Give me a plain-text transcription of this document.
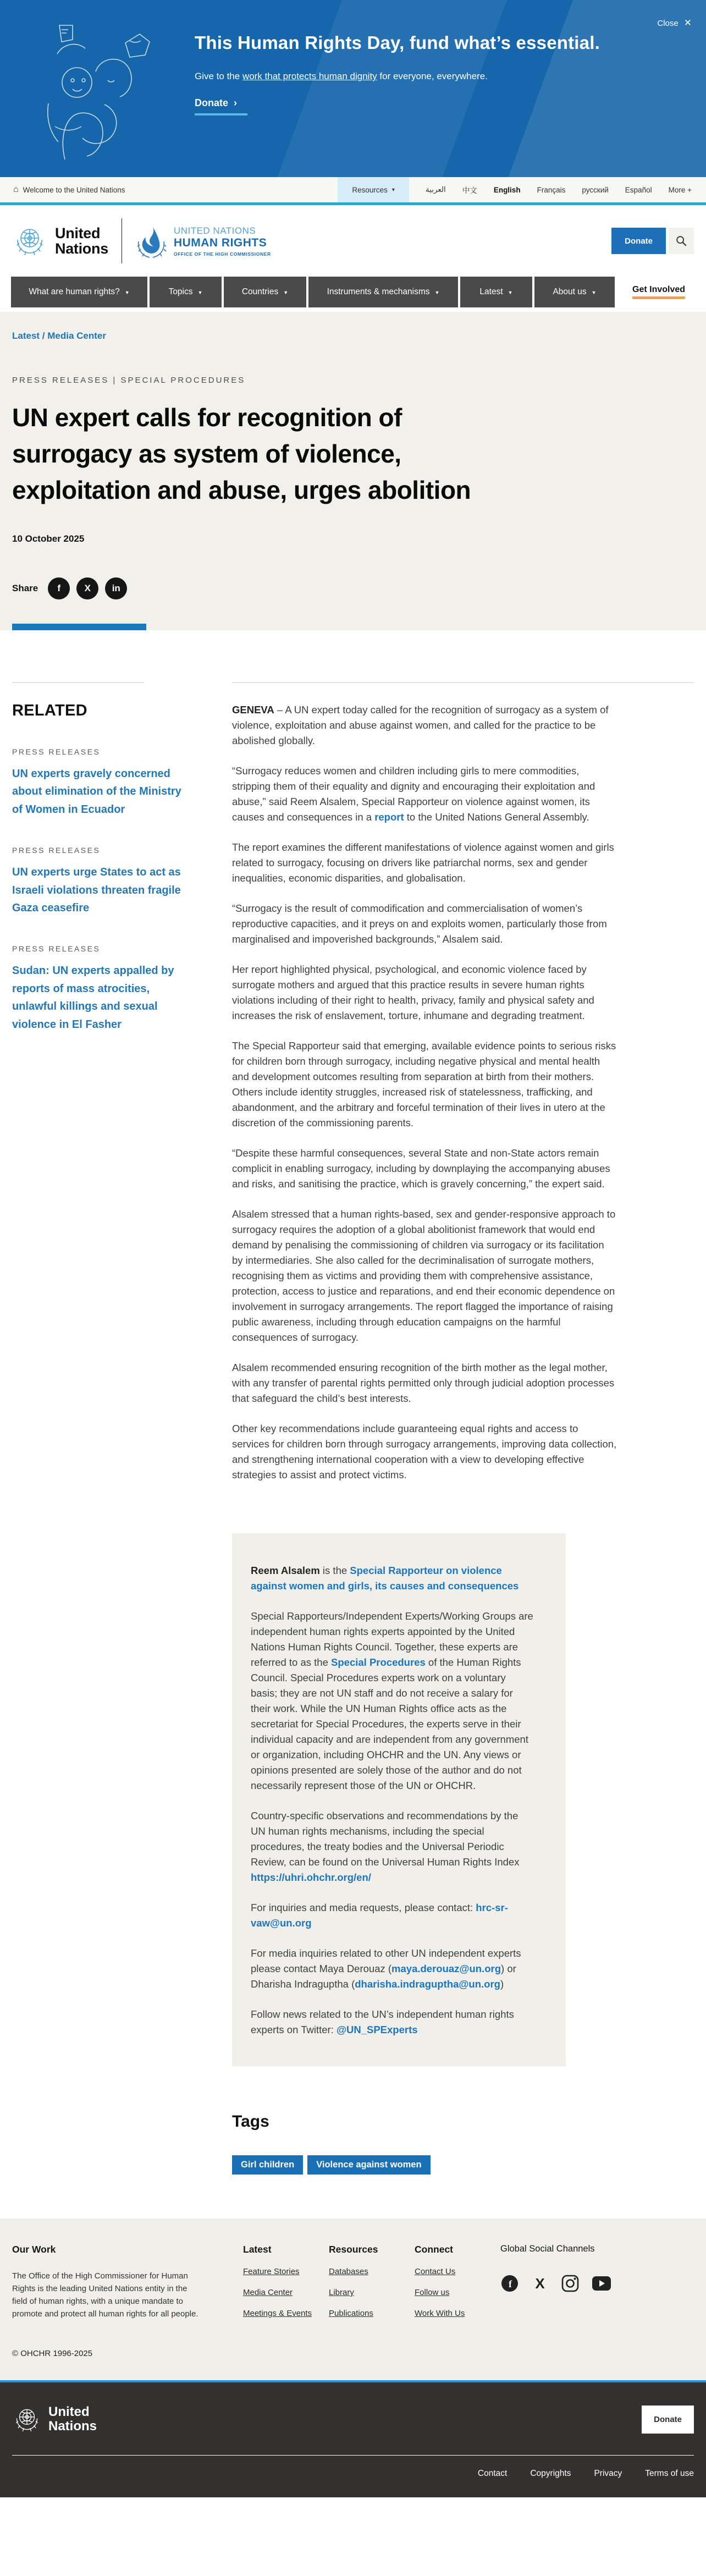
Close ✕
This Human Rights Day, fund what’s essential.
Give to the work that protects human dignity for everyone, everywhere.
Donate ›
⌂ Welcome to the United Nations	Resources ▾	العربية 中文 English Français русский Español More +
United
Nations
UNITED NATIONS
HUMAN RIGHTS
OFFICE OF THE HIGH COMMISSIONER
Donate
What are human rights? ▼	Topics ▼	Countries ▼	Instruments & mechanisms ▼	Latest ▼	About us ▼	Get Involved
Latest / Media Center
PRESS RELEASES | SPECIAL PROCEDURES
UN expert calls for recognition of surrogacy as system of violence, exploitation and abuse, urges abolition
10 October 2025
Share f	X in
RELATED
PRESS RELEASES
UN experts gravely concerned about elimination of the Ministry of Women in Ecuador
PRESS RELEASES
UN experts urge States to act as Israeli violations threaten fragile Gaza ceasefire
PRESS RELEASES
Sudan: UN experts appalled by reports of mass atrocities, unlawful killings and sexual violence in El Fasher

GENEVA – A UN expert today called for the recognition of surrogacy as a system of violence, exploitation and abuse against women, and called for the practice to be abolished globally.

“Surrogacy reduces women and children including girls to mere commodities, stripping them of their equality and dignity and encouraging their exploitation and abuse,” said Reem Alsalem, Special Rapporteur on violence against women, its causes and consequences in a report to the United Nations General Assembly.

The report examines the different manifestations of violence against women and girls related to surrogacy, focusing on drivers like patriarchal norms, sex and gender inequalities, economic disparities, and globalisation.

“Surrogacy is the result of commodification and commercialisation of women’s reproductive capacities, and it preys on and exploits women, particularly those from marginalised and impoverished backgrounds,” Alsalem said.

Her report highlighted physical, psychological, and economic violence faced by surrogate mothers and argued that this practice results in severe human rights violations including of their right to health, privacy, family and physical safety and increases the risk of enslavement, torture, inhumane and degrading treatment.

The Special Rapporteur said that emerging, available evidence points to serious risks for children born through surrogacy, including negative physical and mental health and development outcomes resulting from separation at birth from their mothers. Others include identity struggles, increased risk of statelessness, trafficking, and abandonment, and the arbitrary and forceful termination of their lives in utero at the discretion of the commissioning parents.

“Despite these harmful consequences, several State and non-State actors remain complicit in enabling surrogacy, including by downplaying the accompanying abuses and risks, and sanitising the practice, which is gravely concerning,” the expert said.

Alsalem stressed that a human rights-based, sex and gender-responsive approach to surrogacy requires the adoption of a global abolitionist framework that would end demand by penalising the commissioning of children via surrogacy or its facilitation by intermediaries. She also called for the decriminalisation of surrogate mothers, recognising them as victims and providing them with comprehensive assistance, protection, access to justice and reparations, and end their economic dependence on involvement in surrogacy arrangements. The report flagged the importance of raising public awareness, including through education campaigns on the harmful consequences of surrogacy.

Alsalem recommended ensuring recognition of the birth mother as the legal mother, with any transfer of parental rights permitted only through judicial adoption processes that safeguard the child’s best interests.

Other key recommendations include guaranteeing equal rights and access to services for children born through surrogacy arrangements, improving data collection, and strengthening international cooperation with a view to developing effective strategies to assist and protect victims.

Reem Alsalem is the Special Rapporteur on violence against women and girls, its causes and consequences

Special Rapporteurs/Independent Experts/Working Groups are independent human rights experts appointed by the United Nations Human Rights Council. Together, these experts are referred to as the Special Procedures of the Human Rights Council. Special Procedures experts work on a voluntary basis; they are not UN staff and do not receive a salary for their work. While the UN Human Rights office acts as the secretariat for Special Procedures, the experts serve in their individual capacity and are independent from any government or organization, including OHCHR and the UN. Any views or opinions presented are solely those of the author and do not necessarily represent those of the UN or OHCHR.

Country-specific observations and recommendations by the UN human rights mechanisms, including the special procedures, the treaty bodies and the Universal Periodic Review, can be found on the Universal Human Rights Index https://uhri.ohchr.org/en/

For inquiries and media requests, please contact: hrc-sr-vaw@un.org

For media inquiries related to other UN independent experts please contact Maya Derouaz (maya.derouaz@un.org) or Dharisha Indraguptha (dharisha.indraguptha@un.org)

Follow news related to the UN’s independent human rights experts on Twitter: @UN_SPExperts

Tags
Girl children	Violence against women
Our Work

The Office of the High Commissioner for Human Rights is the leading United Nations entity in the field of human rights, with a unique mandate to promote and protect all human rights for all people.

© OHCHR 1996-2025
Latest
Feature Stories
Media Center
Meetings & Events
Resources
Databases
Library
Publications
Connect
Contact Us
Follow us
Work With Us
Global Social Channels
f X
United
Nations	Donate
Contact	Copyrights	Privacy	Terms of use
